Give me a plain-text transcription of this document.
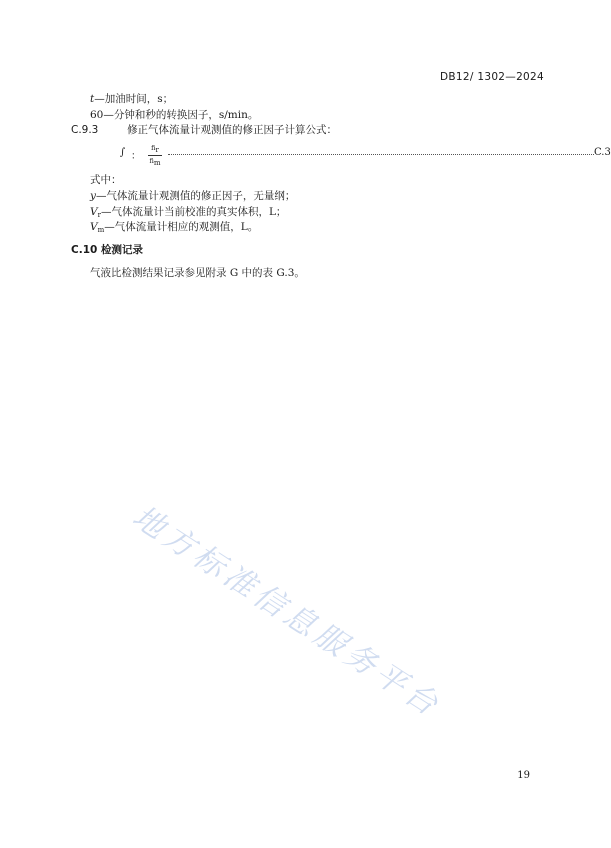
DB12/ 1302—2024
t—加油时间，s；
60—分钟和秒的转换因子，s/min。
C.9.3	修正气体流量计观测值的修正因子计算公式：
∫ ：
$fi_r$
$fi_m$
C.3
式中：
y—气体流量计观测值的修正因子，无量纲；
$V_r—$气体流量计当前校准的真实体积，L；
$V_m—$气体流量计相应的观测值，L。
C.10 检测记录
气液比检测结果记录参见附录 G 中的表 G.3。
地方标准信息服务平台
19
